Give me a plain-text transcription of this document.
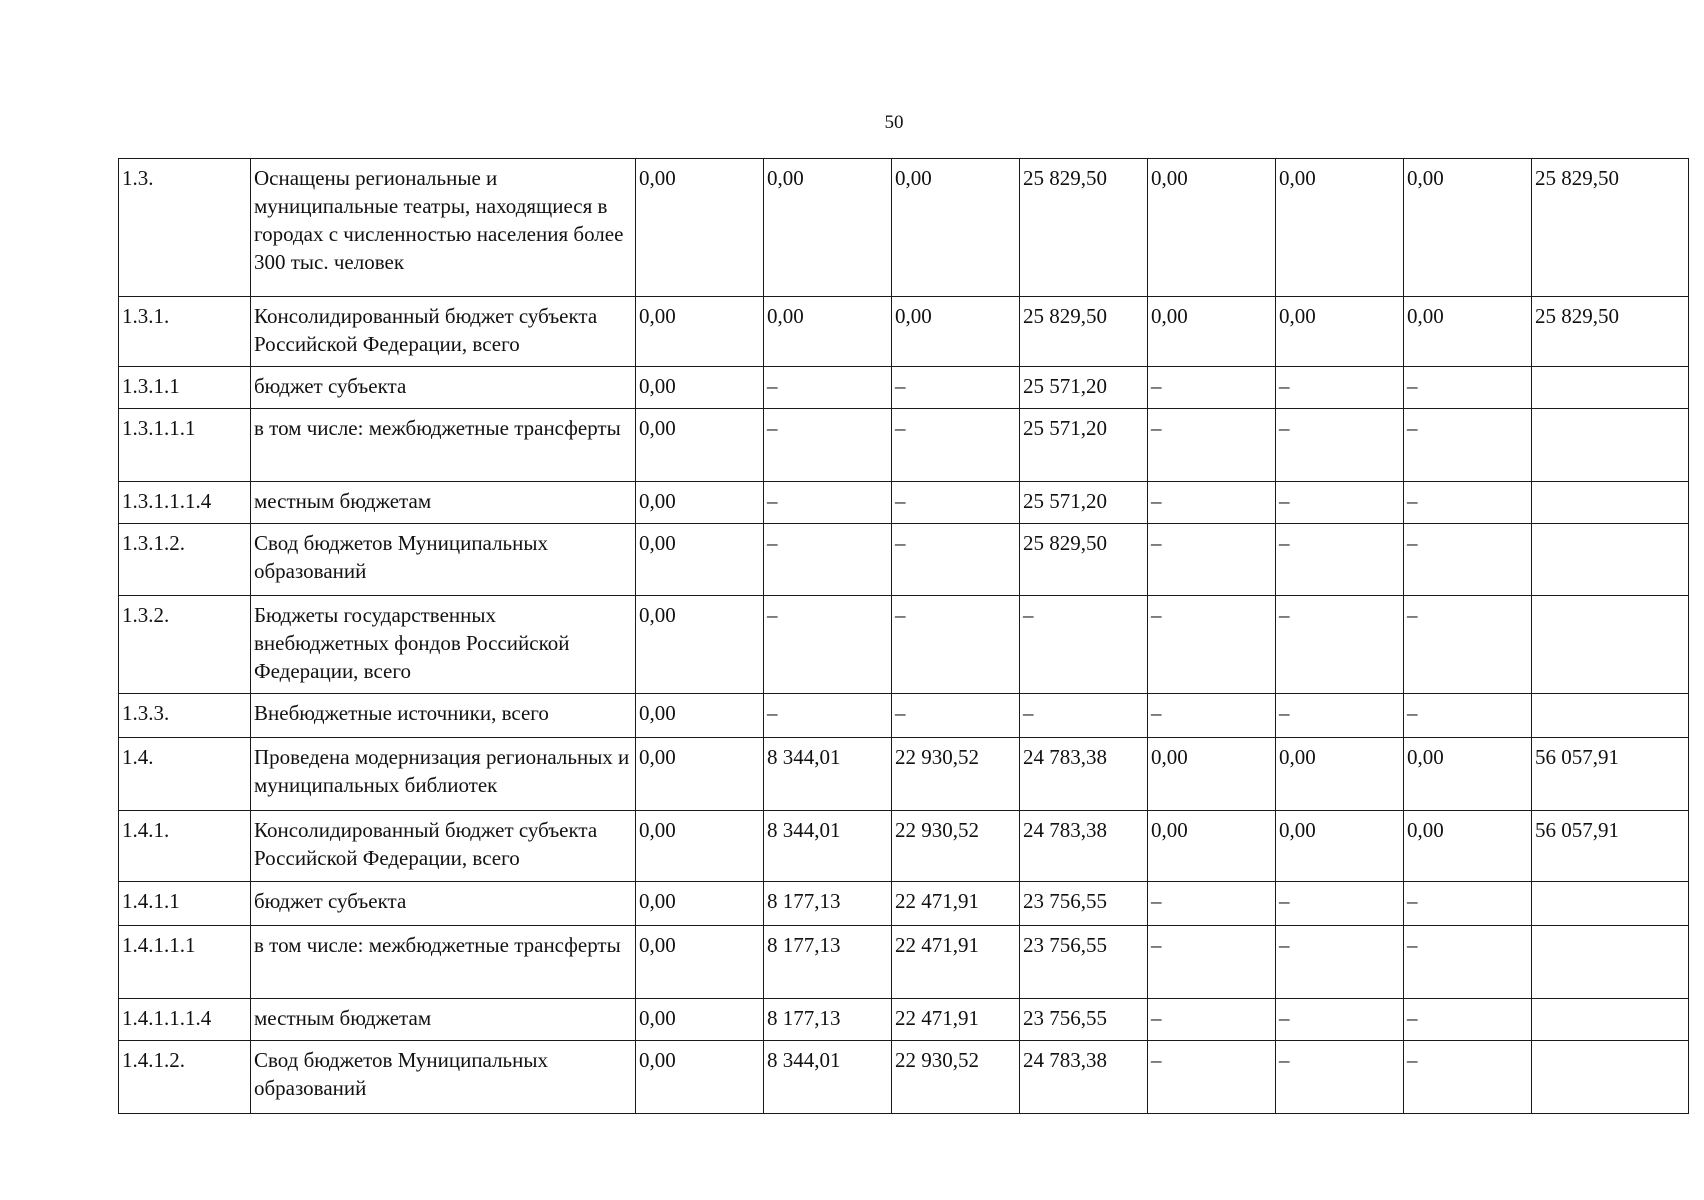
50
1.3.	Оснащены региональные и муниципальные театры, находящиеся в городах с численностью населения более 300 тыс. человек	0,00	0,00	0,00	25 829,50	0,00	0,00	0,00	25 829,50
1.3.1.	Консолидированный бюджет субъекта Российской Федерации, всего	0,00	0,00	0,00	25 829,50	0,00	0,00	0,00	25 829,50
1.3.1.1	бюджет субъекта	0,00	–	–	25 571,20	–	–	–	
1.3.1.1.1	в том числе: межбюджетные трансферты	0,00	–	–	25 571,20	–	–	–	
1.3.1.1.1.4	местным бюджетам	0,00	–	–	25 571,20	–	–	–	
1.3.1.2.	Свод бюджетов Муниципальных образований	0,00	–	–	25 829,50	–	–	–	
1.3.2.	Бюджеты государственных внебюджетных фондов Российской Федерации, всего	0,00	–	–	–	–	–	–	
1.3.3.	Внебюджетные источники, всего	0,00	–	–	–	–	–	–	
1.4.	Проведена модернизация региональных и муниципальных библиотек	0,00	8 344,01	22 930,52	24 783,38	0,00	0,00	0,00	56 057,91
1.4.1.	Консолидированный бюджет субъекта Российской Федерации, всего	0,00	8 344,01	22 930,52	24 783,38	0,00	0,00	0,00	56 057,91
1.4.1.1	бюджет субъекта	0,00	8 177,13	22 471,91	23 756,55	–	–	–	
1.4.1.1.1	в том числе: межбюджетные трансферты	0,00	8 177,13	22 471,91	23 756,55	–	–	–	
1.4.1.1.1.4	местным бюджетам	0,00	8 177,13	22 471,91	23 756,55	–	–	–	
1.4.1.2.	Свод бюджетов Муниципальных образований	0,00	8 344,01	22 930,52	24 783,38	–	–	–	
